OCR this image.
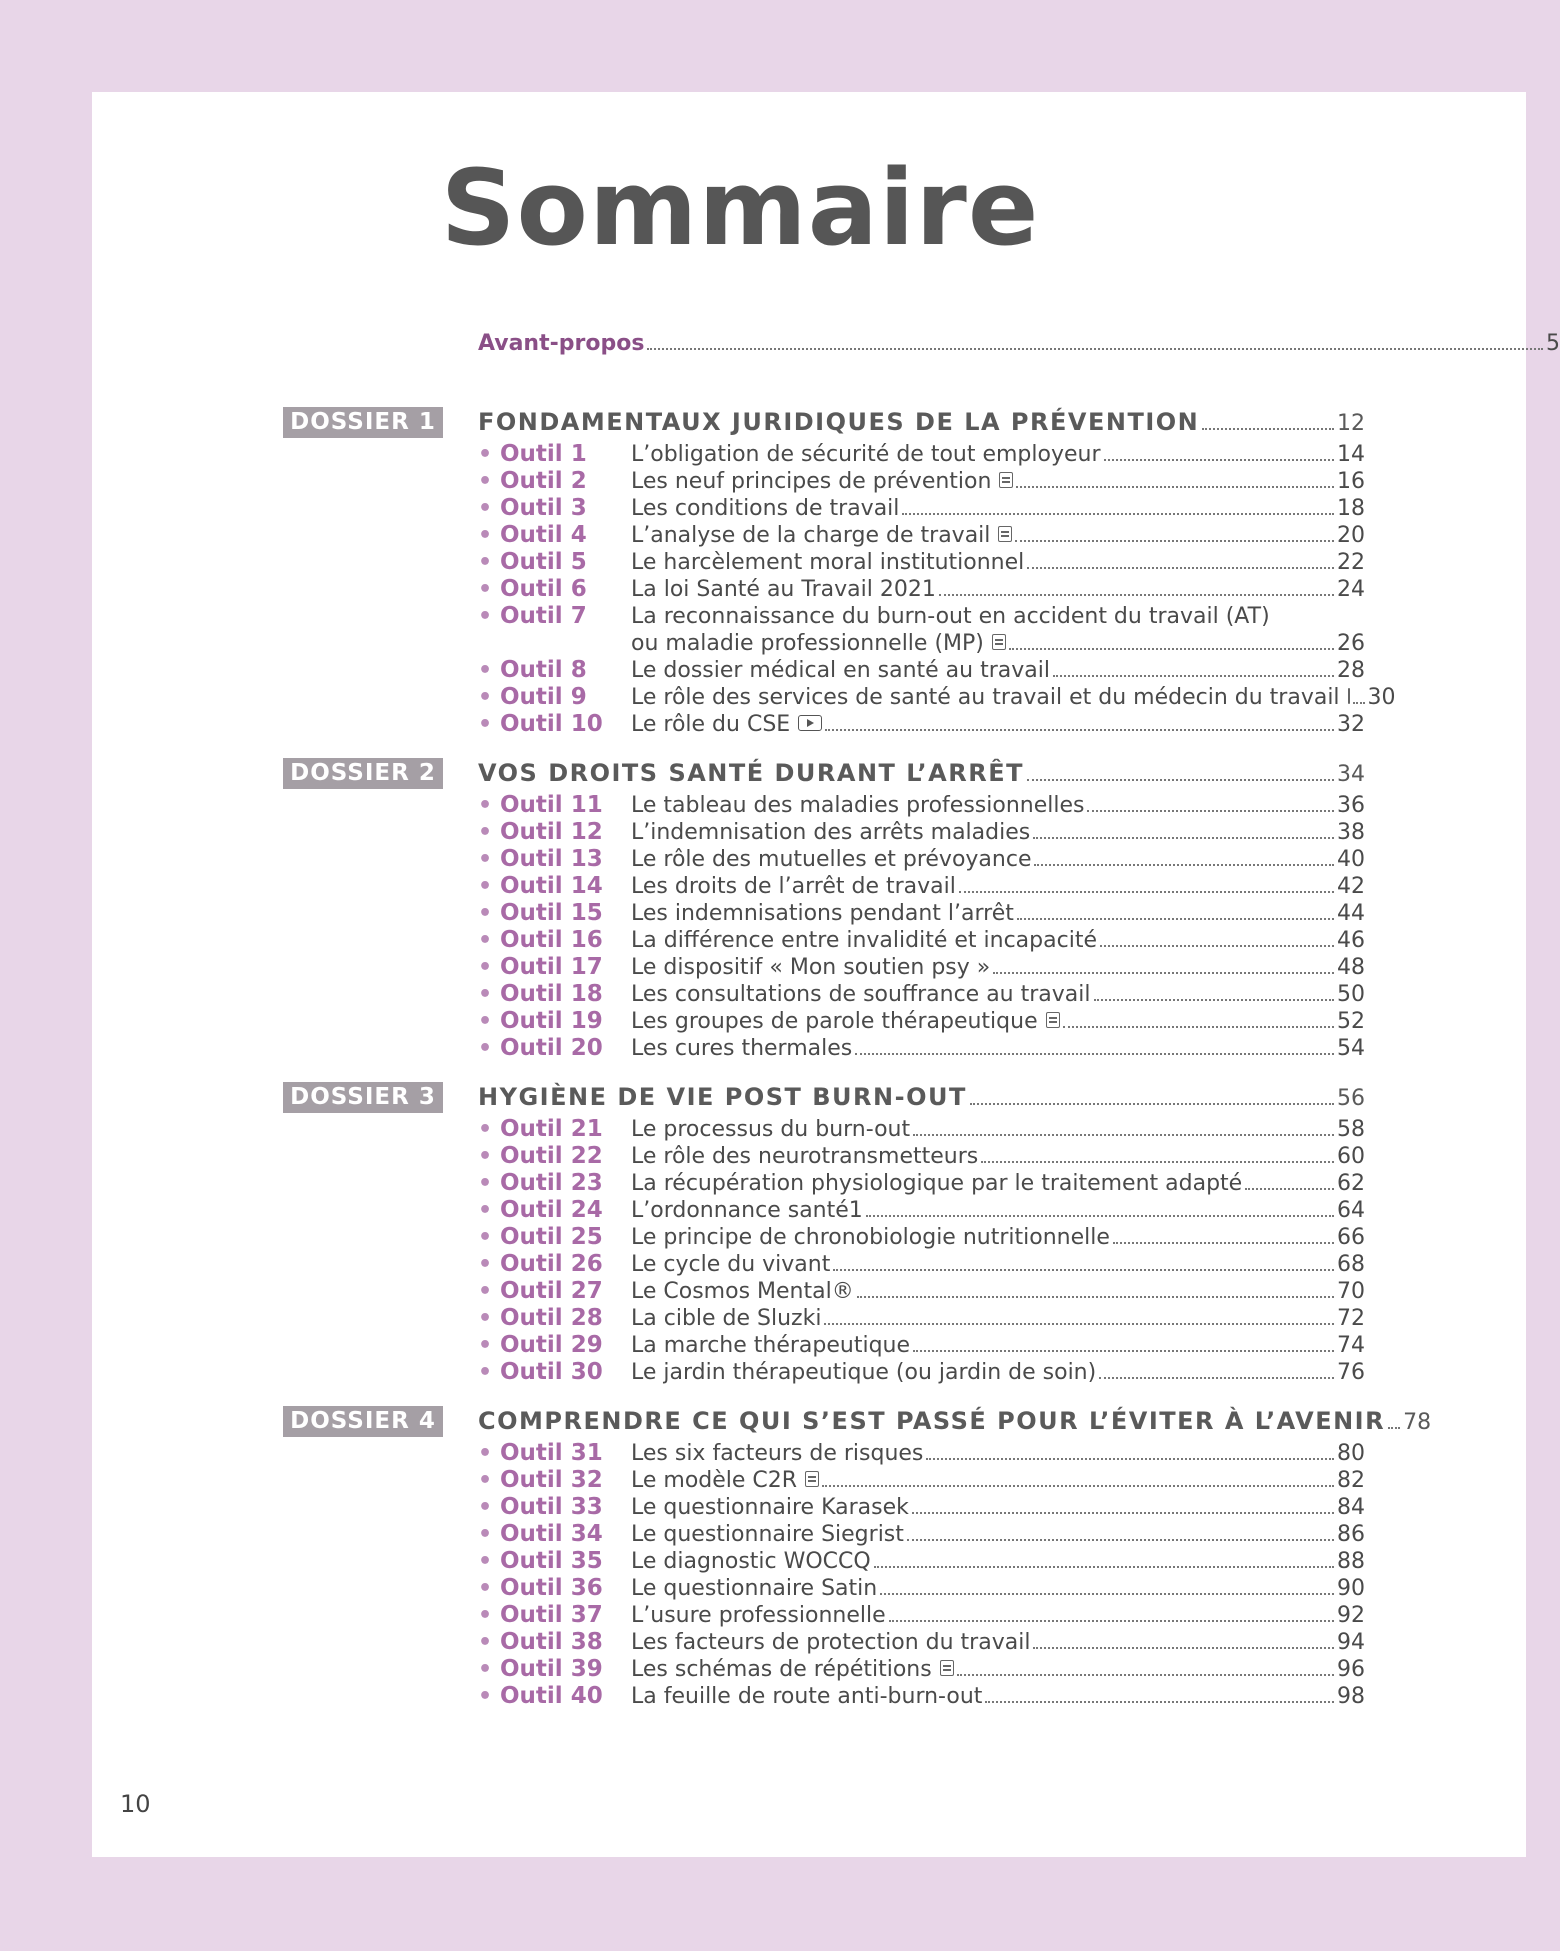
Sommaire
Avant-propos	5
DOSSIER 1 FONDAMENTAUX JURIDIQUES DE LA PRÉVENTION	12
• Outil 1	L’obligation de sécurité de tout employeur	14
• Outil 2	Les neuf principes de prévention	16
• Outil 3	Les conditions de travail	18
• Outil 4	L’analyse de la charge de travail	20
• Outil 5	Le harcèlement moral institutionnel	22
• Outil 6	La loi Santé au Travail 2021	24
• Outil 7	La reconnaissance du burn-out en accident du travail (AT)
ou maladie professionnelle (MP)	26
• Outil 8	Le dossier médical en santé au travail	28
• Outil 9	Le rôle des services de santé au travail et du médecin du travail 30
• Outil 10	Le rôle du CSE	32
DOSSIER 2 VOS DROITS SANTÉ DURANT L’ARRÊT	34
• Outil 11	Le tableau des maladies professionnelles	36
• Outil 12	L’indemnisation des arrêts maladies	38
• Outil 13	Le rôle des mutuelles et prévoyance	40
• Outil 14	Les droits de l’arrêt de travail	42
• Outil 15	Les indemnisations pendant l’arrêt	44
• Outil 16	La différence entre invalidité et incapacité	46
• Outil 17	Le dispositif « Mon soutien psy »	48
• Outil 18	Les consultations de souffrance au travail	50
• Outil 19	Les groupes de parole thérapeutique	52
• Outil 20	Les cures thermales	54
DOSSIER 3 HYGIÈNE DE VIE POST BURN-OUT	56
• Outil 21	Le processus du burn-out	58
• Outil 22	Le rôle des neurotransmetteurs	60
• Outil 23	La récupération physiologique par le traitement adapté	62
• Outil 24	L’ordonnance santé1	64
• Outil 25	Le principe de chronobiologie nutritionnelle	66
• Outil 26	Le cycle du vivant	68
• Outil 27	Le Cosmos Mental®	70
• Outil 28	La cible de Sluzki	72
• Outil 29	La marche thérapeutique	74
• Outil 30	Le jardin thérapeutique (ou jardin de soin)	76
DOSSIER 4 COMPRENDRE CE QUI S’EST PASSÉ POUR L’ÉVITER À L’AVENIR 78
• Outil 31	Les six facteurs de risques	80
• Outil 32	Le modèle C2R	82
• Outil 33	Le questionnaire Karasek	84
• Outil 34	Le questionnaire Siegrist	86
• Outil 35	Le diagnostic WOCCQ	88
• Outil 36	Le questionnaire Satin	90
• Outil 37	L’usure professionnelle	92
• Outil 38	Les facteurs de protection du travail	94
• Outil 39	Les schémas de répétitions	96
• Outil 40	La feuille de route anti-burn-out	98
10
